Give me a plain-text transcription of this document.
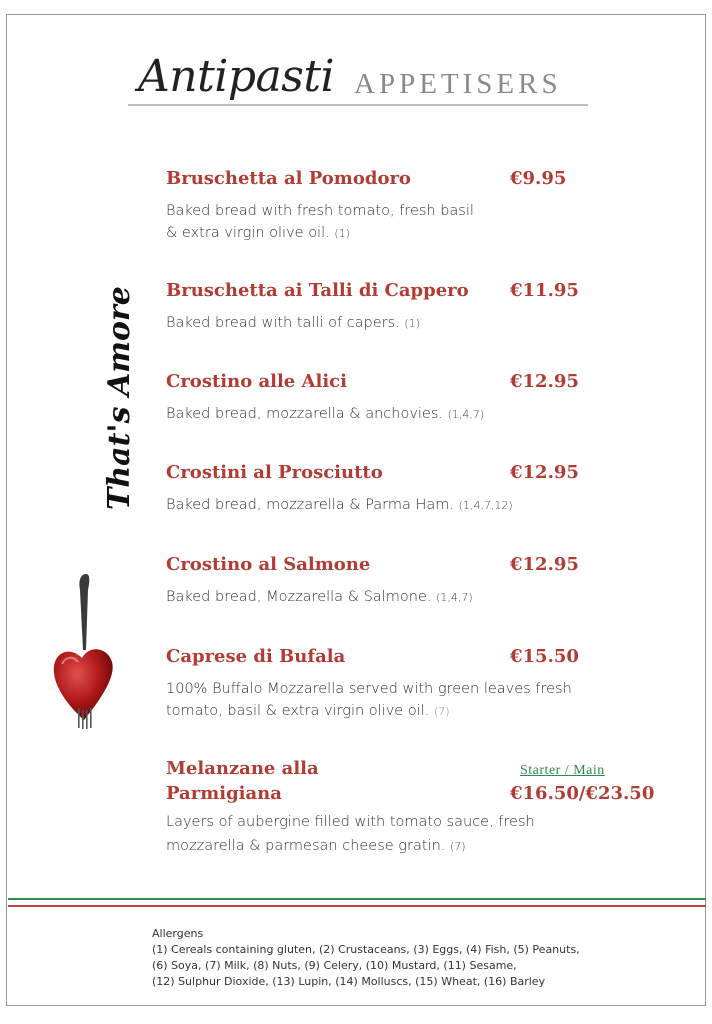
Antipasti APPETISERS
That's Amore
Bruschetta al Pomodoro	€9.95
Baked bread with fresh tomato, fresh basil
& extra virgin olive oil. (1)
Bruschetta ai Talli di Cappero €11.95
Baked bread with talli of capers. (1)
Crostino alle Alici	€12.95
Baked bread, mozzarella & anchovies. (1,4,7)
Crostini al Prosciutto	€12.95
Baked bread, mozzarella & Parma Ham. (1,4,7,12)
Crostino al Salmone	€12.95
Baked bread, Mozzarella & Salmone. (1,4,7)
Caprese di Bufala	€15.50
100% Buffalo Mozzarella served with green leaves fresh
tomato, basil & extra virgin olive oil. (7)
Melanzane alla
Parmigiana	€16.50/€23.50
Layers of aubergine filled with tomato sauce, fresh
mozzarella & parmesan cheese gratin. (7)
Starter / Main
Allergens
(1) Cereals containing gluten, (2) Crustaceans, (3) Eggs, (4) Fish, (5) Peanuts,
(6) Soya, (7) Milk, (8) Nuts, (9) Celery, (10) Mustard, (11) Sesame,
(12) Sulphur Dioxide, (13) Lupin, (14) Molluscs, (15) Wheat, (16) Barley
